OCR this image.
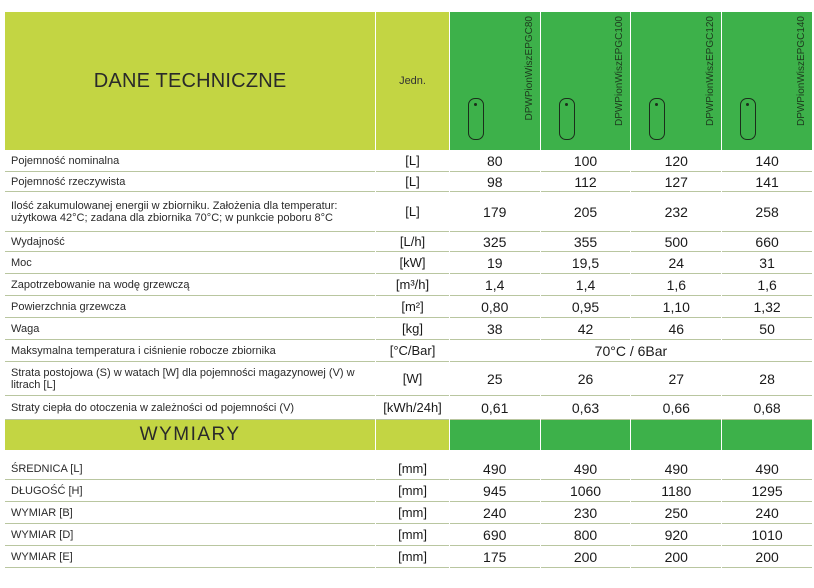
DANE TECHNICZNE	Jedn.	DPWPionWiszEPGC80	DPWPionWiszEPGC100	DPWPionWiszEPGC120	DPWPionWiszEPGC140

Pojemność nominalna	[L]	80	100	120	140
Pojemność rzeczywista	[L]	98	112	127	141
Ilość zakumulowanej energii w zbiorniku. Założenia dla temperatur: użytkowa 42°C; zadana dla zbiornika 70°C; w punkcie poboru 8°C	[L]	179	205	232	258
Wydajność	[L/h]	325	355	500	660
Moc	[kW]	19	19,5	24	31
Zapotrzebowanie na wodę grzewczą	[m³/h]	1,4	1,4	1,6	1,6
Powierzchnia grzewcza	[m²]	0,80	0,95	1,10	1,32
Waga	[kg]	38	42	46	50
Maksymalna temperatura i ciśnienie robocze zbiornika	[°C/Bar]	70°C / 6Bar			
Strata postojowa (S) w watach [W] dla pojemności magazynowej (V) w litrach [L]	[W]	25	26	27	28
Straty ciepła do otoczenia w zależności od pojemności (V)	[kWh/24h]	0,61	0,63	0,66	0,68
WYMIARY					

ŚREDNICA [L]	[mm]	490	490	490	490
DŁUGOŚĆ [H]	[mm]	945	1060	1180	1295
WYMIAR [B]	[mm]	240	230	250	240
WYMIAR [D]	[mm]	690	800	920	1010
WYMIAR [E]	[mm]	175	200	200	200
